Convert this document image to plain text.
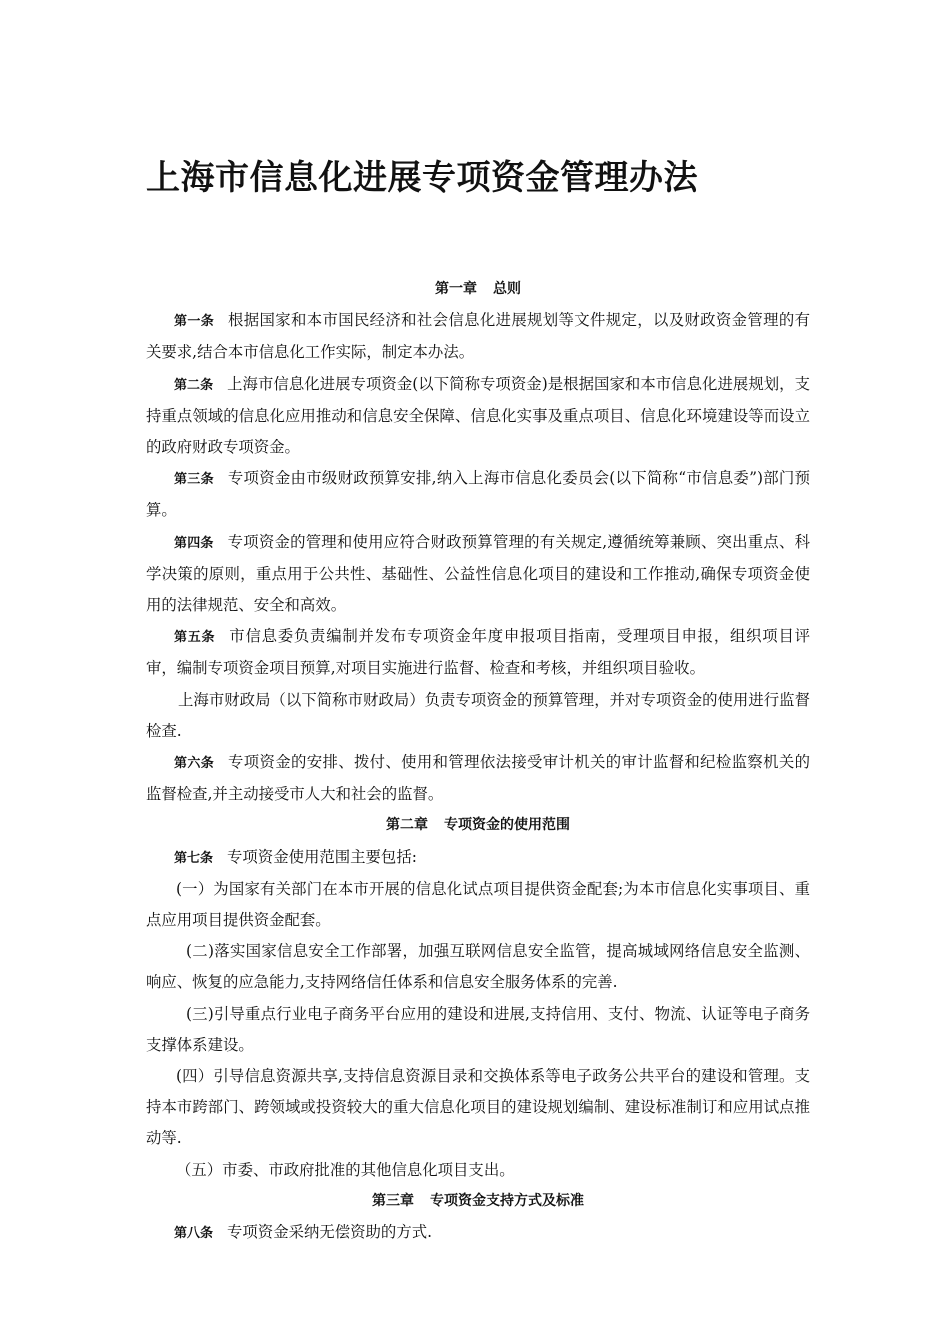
上海市信息化进展专项资金管理办法

第一章 总则

第一条 根据国家和本市国民经济和社会信息化进展规划等文件规定，以及财政资金管理的有关要求,结合本市信息化工作实际，制定本办法。

第二条 上海市信息化进展专项资金(以下简称专项资金)是根据国家和本市信息化进展规划，支持重点领域的信息化应用推动和信息安全保障、信息化实事及重点项目、信息化环境建设等而设立的政府财政专项资金。

第三条 专项资金由市级财政预算安排,纳入上海市信息化委员会(以下简称“市信息委”)部门预算。

第四条 专项资金的管理和使用应符合财政预算管理的有关规定,遵循统筹兼顾、突出重点、科学决策的原则，重点用于公共性、基础性、公益性信息化项目的建设和工作推动,确保专项资金使用的法律规范、安全和高效。

第五条 市信息委负责编制并发布专项资金年度申报项目指南，受理项目申报，组织项目评审，编制专项资金项目预算,对项目实施进行监督、检查和考核，并组织项目验收。

上海市财政局（以下简称市财政局）负责专项资金的预算管理，并对专项资金的使用进行监督检查.

第六条 专项资金的安排、拨付、使用和管理依法接受审计机关的审计监督和纪检监察机关的监督检查,并主动接受市人大和社会的监督。

第二章 专项资金的使用范围

第七条 专项资金使用范围主要包括:

(一）为国家有关部门在本市开展的信息化试点项目提供资金配套;为本市信息化实事项目、重点应用项目提供资金配套。

(二)落实国家信息安全工作部署，加强互联网信息安全监管，提高城域网络信息安全监测、响应、恢复的应急能力,支持网络信任体系和信息安全服务体系的完善.

(三)引导重点行业电子商务平台应用的建设和进展,支持信用、支付、物流、认证等电子商务支撑体系建设。

(四）引导信息资源共享,支持信息资源目录和交换体系等电子政务公共平台的建设和管理。支持本市跨部门、跨领域或投资较大的重大信息化项目的建设规划编制、建设标准制订和应用试点推动等.

（五）市委、市政府批准的其他信息化项目支出。

第三章 专项资金支持方式及标准

第八条 专项资金采纳无偿资助的方式.
